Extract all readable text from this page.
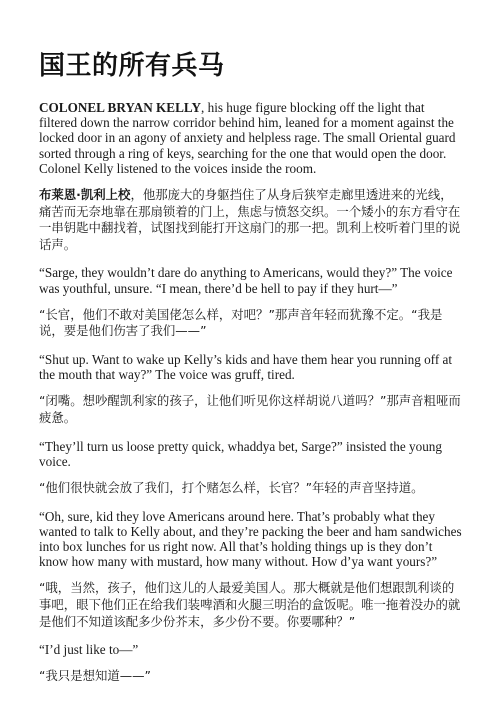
国王的所有兵马

COLONEL BRYAN KELLY, his huge figure blocking off the light that filtered down the narrow corridor behind him, leaned for a moment against the locked door in an agony of anxiety and helpless rage. The small Oriental guard sorted through a ring of keys, searching for the one that would open the door. Colonel Kelly listened to the voices inside the room.

布莱恩·凯利上校，他那庞大的身躯挡住了从身后狭窄走廊里透进来的光线，痛苦而无奈地靠在那扇锁着的门上，焦虑与愤怒交织。一个矮小的东方看守在一串钥匙中翻找着，试图找到能打开这扇门的那一把。凯利上校听着门里的说话声。

“Sarge, they wouldn’t dare do anything to Americans, would they?” The voice was youthful, unsure. “I mean, there’d be hell to pay if they hurt—”

“长官，他们不敢对美国佬怎么样，对吧？”那声音年轻而犹豫不定。“我是说，要是他们伤害了我们——”

“Shut up. Want to wake up Kelly’s kids and have them hear you running off at the mouth that way?” The voice was gruff, tired.

“闭嘴。想吵醒凯利家的孩子，让他们听见你这样胡说八道吗？”那声音粗哑而疲惫。

“They’ll turn us loose pretty quick, whaddya bet, Sarge?” insisted the young voice.

“他们很快就会放了我们，打个赌怎么样，长官？”年轻的声音坚持道。

“Oh, sure, kid they love Americans around here. That’s probably what they wanted to talk to Kelly about, and they’re packing the beer and ham sandwiches into box lunches for us right now. All that’s holding things up is they don’t know how many with mustard, how many without. How d’ya want yours?”

“哦，当然，孩子，他们这儿的人最爱美国人。那大概就是他们想跟凯利谈的事吧，眼下他们正在给我们装啤酒和火腿三明治的盒饭呢。唯一拖着没办的就是他们不知道该配多少份芥末，多少份不要。你要哪种？”

“I’d just like to—”

“我只是想知道——”
